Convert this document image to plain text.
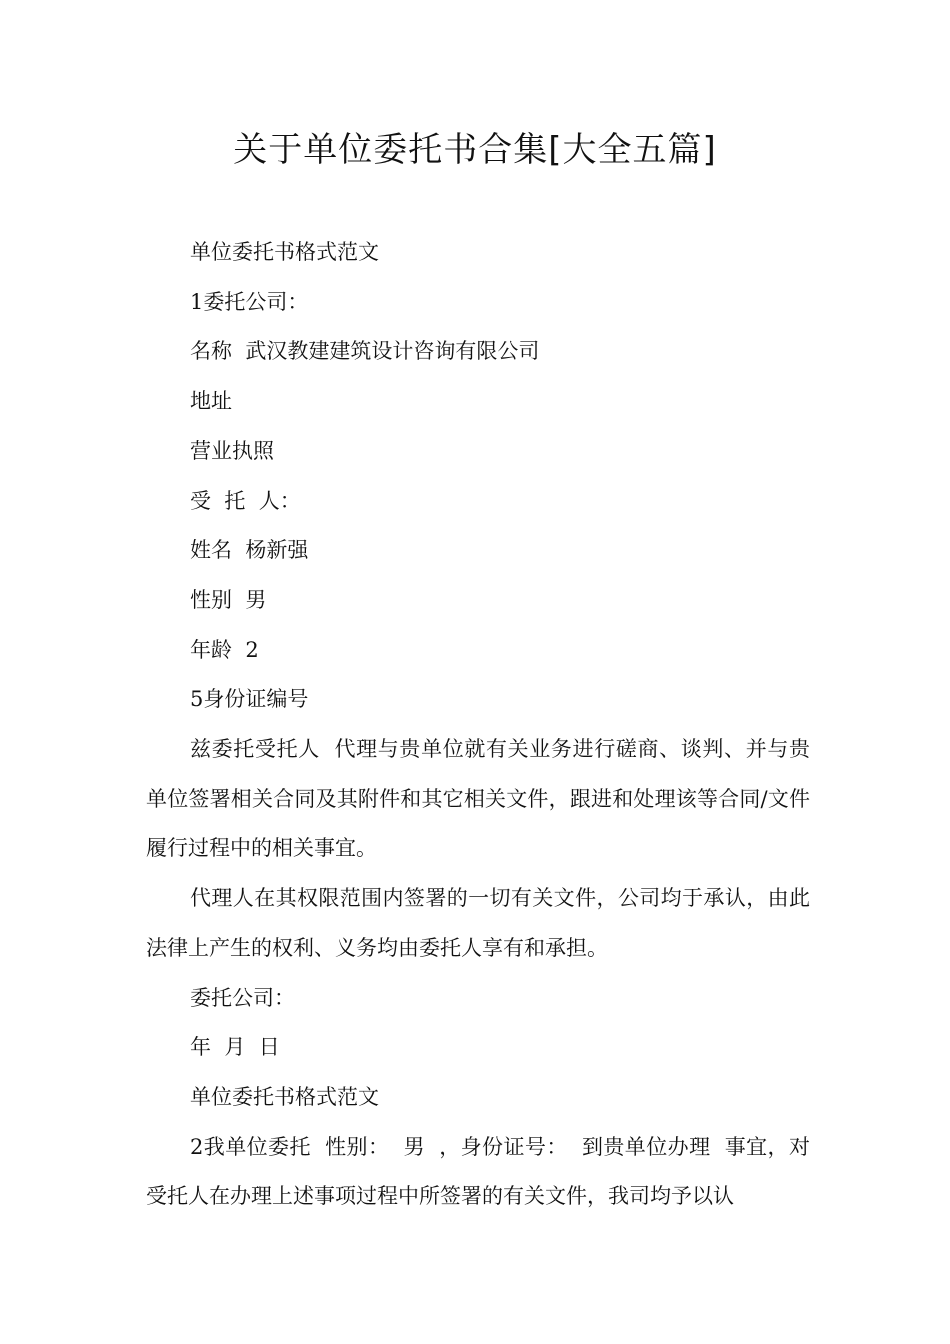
关于单位委托书合集[大全五篇]

单位委托书格式范文

1委托公司：

名称  武汉教建建筑设计咨询有限公司

地址

营业执照

受  托  人：

姓名  杨新强

性别  男

年龄  2

5身份证编号

兹委托受托人  代理与贵单位就有关业务进行磋商、谈判、并与贵单位签署相关合同及其附件和其它相关文件，跟进和处理该等合同/文件履行过程中的相关事宜。

代理人在其权限范围内签署的一切有关文件，公司均于承认，由此法律上产生的权利、义务均由委托人享有和承担。

委托公司：

年  月  日

单位委托书格式范文

2我单位委托  性别：  男  ，身份证号：  到贵单位办理  事宜，对受托人在办理上述事项过程中所签署的有关文件，我司均予以认
